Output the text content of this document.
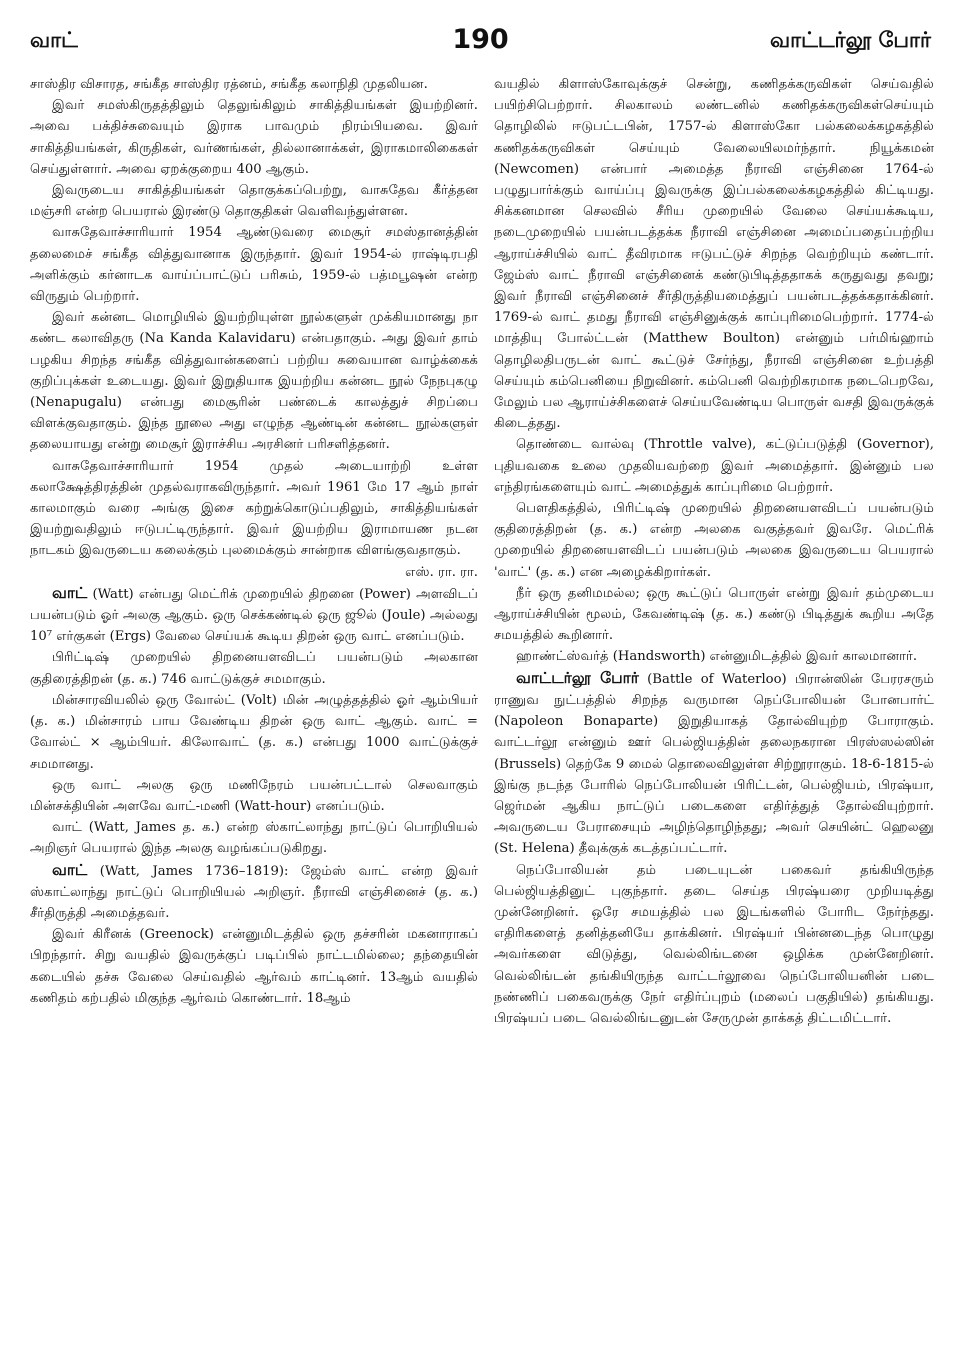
வாட்	190	வாட்டர்லூ போர்

சாஸ்திர விசாரத, சங்கீத சாஸ்திர ரத்னம், சங்கீத கலாநிதி முதலியன.

இவர் சமஸ்கிருதத்திலும் தெலுங்கிலும் சாகித்தியங்கள் இயற்றினர். அவை பக்திச்சுவையும் இராக பாவமும் நிரம்பியவை. இவர் சாகித்தியங்கள், கிருதிகள், வர்ணங்கள், தில்லானாக்கள், இராகமாலிகைகள் செய்துள்ளார். அவை ஏறக்குறைய 400 ஆகும்.

இவருடைய சாகித்தியங்கள் தொகுக்கப்பெற்று, வாசுதேவ கீர்த்தன மஞ்சரி என்ற பெயரால் இரண்டு தொகுதிகள் வெளிவந்துள்ளன.

வாசுதேவாச்சாரியார் 1954 ஆண்டுவரை மைசூர் சமஸ்தானத்தின் தலைமைச் சங்கீத வித்துவானாக இருந்தார். இவர் 1954-ல் ராஷ்டிரபதி அளிக்கும் கர்னாடக வாய்ப்பாட்டுப் பரிசும், 1959-ல் பத்மபூஷன் என்ற விருதும் பெற்றார்.

இவர் கன்னட மொழியில் இயற்றியுள்ள நூல்களுள் முக்கியமானது நா கண்ட கலாவிதரு (Na Kanda Kalavidaru) என்பதாகும். அது இவர் தாம் பழகிய சிறந்த சங்கீத வித்துவான்களைப் பற்றிய சுவையான வாழ்க்கைக் குறிப்புக்கள் உடையது. இவர் இறுதியாக இயற்றிய கன்னட நூல் நேநபுகழு (Nenapugalu) என்பது மைசூரின் பண்டைக் காலத்துச் சிறப்பை விளக்குவதாகும். இந்த நூலை அது எழுந்த ஆண்டின் கன்னட நூல்களுள் தலையாயது என்று மைசூர் இராச்சிய அரசினர் பரிசளித்தனர்.

வாசுதேவாச்சாரியார் 1954 முதல் அடையாற்றி உள்ள கலாக்ஷேத்திரத்தின் முதல்வராகவிருந்தார். அவர் 1961 மே 17 ஆம் நாள் காலமாகும் வரை அங்கு இசை கற்றுக்கொடுப்பதிலும், சாகித்தியங்கள் இயற்றுவதிலும் ஈடுபட்டிருந்தார். இவர் இயற்றிய இராமாயண நடன நாடகம் இவருடைய கலைக்கும் புலமைக்கும் சான்றாக விளங்குவதாகும்.

எஸ். ரா. ரா.

வாட் (Watt) என்பது மெட்ரிக் முறையில் திறனை (Power) அளவிடப் பயன்படும் ஓர் அலகு ஆகும். ஒரு செக்கண்டில் ஒரு ஜூல் (Joule) அல்லது 10⁷ எர்குகள் (Ergs) வேலை செய்யக் கூடிய திறன் ஒரு வாட் எனப்படும்.

பிரிட்டிஷ் முறையில் திறனையளவிடப் பயன்படும் அலகான குதிரைத்திறன் (த. க.) 746 வாட்டுக்குச் சமமாகும்.

மின்சாரவியலில் ஒரு வோல்ட் (Volt) மின் அழுத்தத்தில் ஓர் ஆம்பியர் (த. க.) மின்சாரம் பாய வேண்டிய திறன் ஒரு வாட் ஆகும். வாட் = வோல்ட் × ஆம்பியர். கிலோவாட் (த. க.) என்பது 1000 வாட்டுக்குச் சமமானது.

ஒரு வாட் அலகு ஒரு மணிநேரம் பயன்பட்டால் செலவாகும் மின்சக்தியின் அளவே வாட்-மணி (Watt-hour) எனப்படும்.

வாட் (Watt, James த. க.) என்ற ஸ்காட்லாந்து நாட்டுப் பொறியியல் அறிஞர் பெயரால் இந்த அலகு வழங்கப்படுகிறது.

வாட் (Watt, James 1736–1819): ஜேம்ஸ் வாட் என்ற இவர் ஸ்காட்லாந்து நாட்டுப் பொறியியல் அறிஞர். நீராவி எஞ்சினைச் (த. க.) சீர்திருத்தி அமைத்தவர்.

இவர் கிரீனக் (Greenock) என்னுமிடத்தில் ஒரு தச்சரின் மகனாராகப் பிறந்தார். சிறு வயதில் இவருக்குப் படிப்பில் நாட்டமில்லை; தந்தையின் கடையில் தச்சு வேலை செய்வதில் ஆர்வம் காட்டினர். 13ஆம் வயதில் கணிதம் கற்பதில் மிகுந்த ஆர்வம் கொண்டார். 18ஆம்

வயதில் கிளாஸ்கோவுக்குச் சென்று, கணிதக்கருவிகள் செய்வதில் பயிற்சிபெற்றார். சிலகாலம் லண்டனில் கணிதக்கருவிகள்செய்யும் தொழிலில் ஈடுபட்டபின், 1757-ல் கிளாஸ்கோ பல்கலைக்கழகத்தில் கணிதக்கருவிகள் செய்யும் வேலையிலமர்ந்தார். நியூக்கமன் (Newcomen) என்பார் அமைத்த நீராவி எஞ்சினை 1764-ல் பழுதுபார்க்கும் வாய்ப்பு இவருக்கு இப்பல்கலைக்கழகத்தில் கிட்டியது. சிக்கனமான செலவில் சீரிய முறையில் வேலை செய்யக்கூடிய, நடைமுறையில் பயன்படத்தக்க நீராவி எஞ்சினை அமைப்பதைப்பற்றிய ஆராய்ச்சியில் வாட் தீவிரமாக ஈடுபட்டுச் சிறந்த வெற்றியும் கண்டார். ஜேம்ஸ் வாட் நீராவி எஞ்சினைக் கண்டுபிடித்ததாகக் கருதுவது தவறு; இவர் நீராவி எஞ்சினைச் சீர்திருத்தியமைத்துப் பயன்படத்தக்கதாக்கினர். 1769-ல் வாட் தமது நீராவி எஞ்சினுக்குக் காப்புரிமைபெற்றார். 1774-ல் மாத்தியு போல்ட்டன் (Matthew Boulton) என்னும் பர்மிங்ஹாம் தொழிலதிபருடன் வாட் கூட்டுச் சேர்ந்து, நீராவி எஞ்சினை உற்பத்தி செய்யும் கம்பெனியை நிறுவினர். கம்பெனி வெற்றிகரமாக நடைபெறவே, மேலும் பல ஆராய்ச்சிகளைச் செய்யவேண்டிய பொருள் வசதி இவருக்குக் கிடைத்தது.

தொண்டை வால்வு (Throttle valve), கட்டுப்படுத்தி (Governor), புதியவகை உலை முதலியவற்றை இவர் அமைத்தார். இன்னும் பல எந்திரங்களையும் வாட் அமைத்துக் காப்புரிமை பெற்றார்.

பௌதிகத்தில், பிரிட்டிஷ் முறையில் திறனையளவிடப் பயன்படும் குதிரைத்திறன் (த. க.) என்ற அலகை வகுத்தவர் இவரே. மெட்ரிக் முறையில் திறனையளவிடப் பயன்படும் அலகை இவருடைய பெயரால் 'வாட்' (த. க.) என அழைக்கிறார்கள்.

நீர் ஒரு தனிமமல்ல; ஒரு கூட்டுப் பொருள் என்று இவர் தம்முடைய ஆராய்ச்சியின் மூலம், கேவண்டிஷ் (த. க.) கண்டு பிடித்துக் கூறிய அதே சமயத்தில் கூறினார்.

ஹாண்ட்ஸ்வர்த் (Handsworth) என்னுமிடத்தில் இவர் காலமானார்.

வாட்டர்லூ போர் (Battle of Waterloo) பிரான்ஸின் பேரரசரும் ராணுவ நுட்பத்தில் சிறந்த வருமான நெப்போலியன் போனபார்ட் (Napoleon Bonaparte) இறுதியாகத் தோல்வியுற்ற போராகும். வாட்டர்லூ என்னும் ஊர் பெல்ஜியத்தின் தலைநகரான பிரஸ்ஸல்ஸின் (Brussels) தெற்கே 9 மைல் தொலைவிலுள்ள சிற்றூராகும். 18-6-1815-ல் இங்கு நடந்த போரில் நெப்போலியன் பிரிட்டன், பெல்ஜியம், பிரஷ்யா, ஜெர்மன் ஆகிய நாட்டுப் படைகளை எதிர்த்துத் தோல்வியுற்றார். அவருடைய பேராசையும் அழிந்தொழிந்தது; அவர் செயின்ட் ஹெலனு (St. Helena) தீவுக்குக் கடத்தப்பட்டார்.

நெப்போலியன் தம் படையுடன் பகைவர் தங்கியிருந்த பெல்ஜியத்தினுட் புகுந்தார். தடை செய்த பிரஷ்யரை முறியடித்து முன்னேறினர். ஒரே சமயத்தில் பல இடங்களில் போரிட நேர்ந்தது. எதிரிகளைத் தனித்தனியே தாக்கினர். பிரஷ்யர் பின்னடைந்த பொழுது அவர்களை விடுத்து, வெல்லிங்டனை ஒழிக்க முன்னேறினர். வெல்லிங்டன் தங்கியிருந்த வாட்டர்லூவை நெப்போலியனின் படை நண்ணிப் பகைவருக்கு நேர் எதிர்ப்புறம் (மலைப் பகுதியில்) தங்கியது. பிரஷ்யப் படை வெல்லிங்டனுடன் சேருமுன் தாக்கத் திட்டமிட்டார்.
